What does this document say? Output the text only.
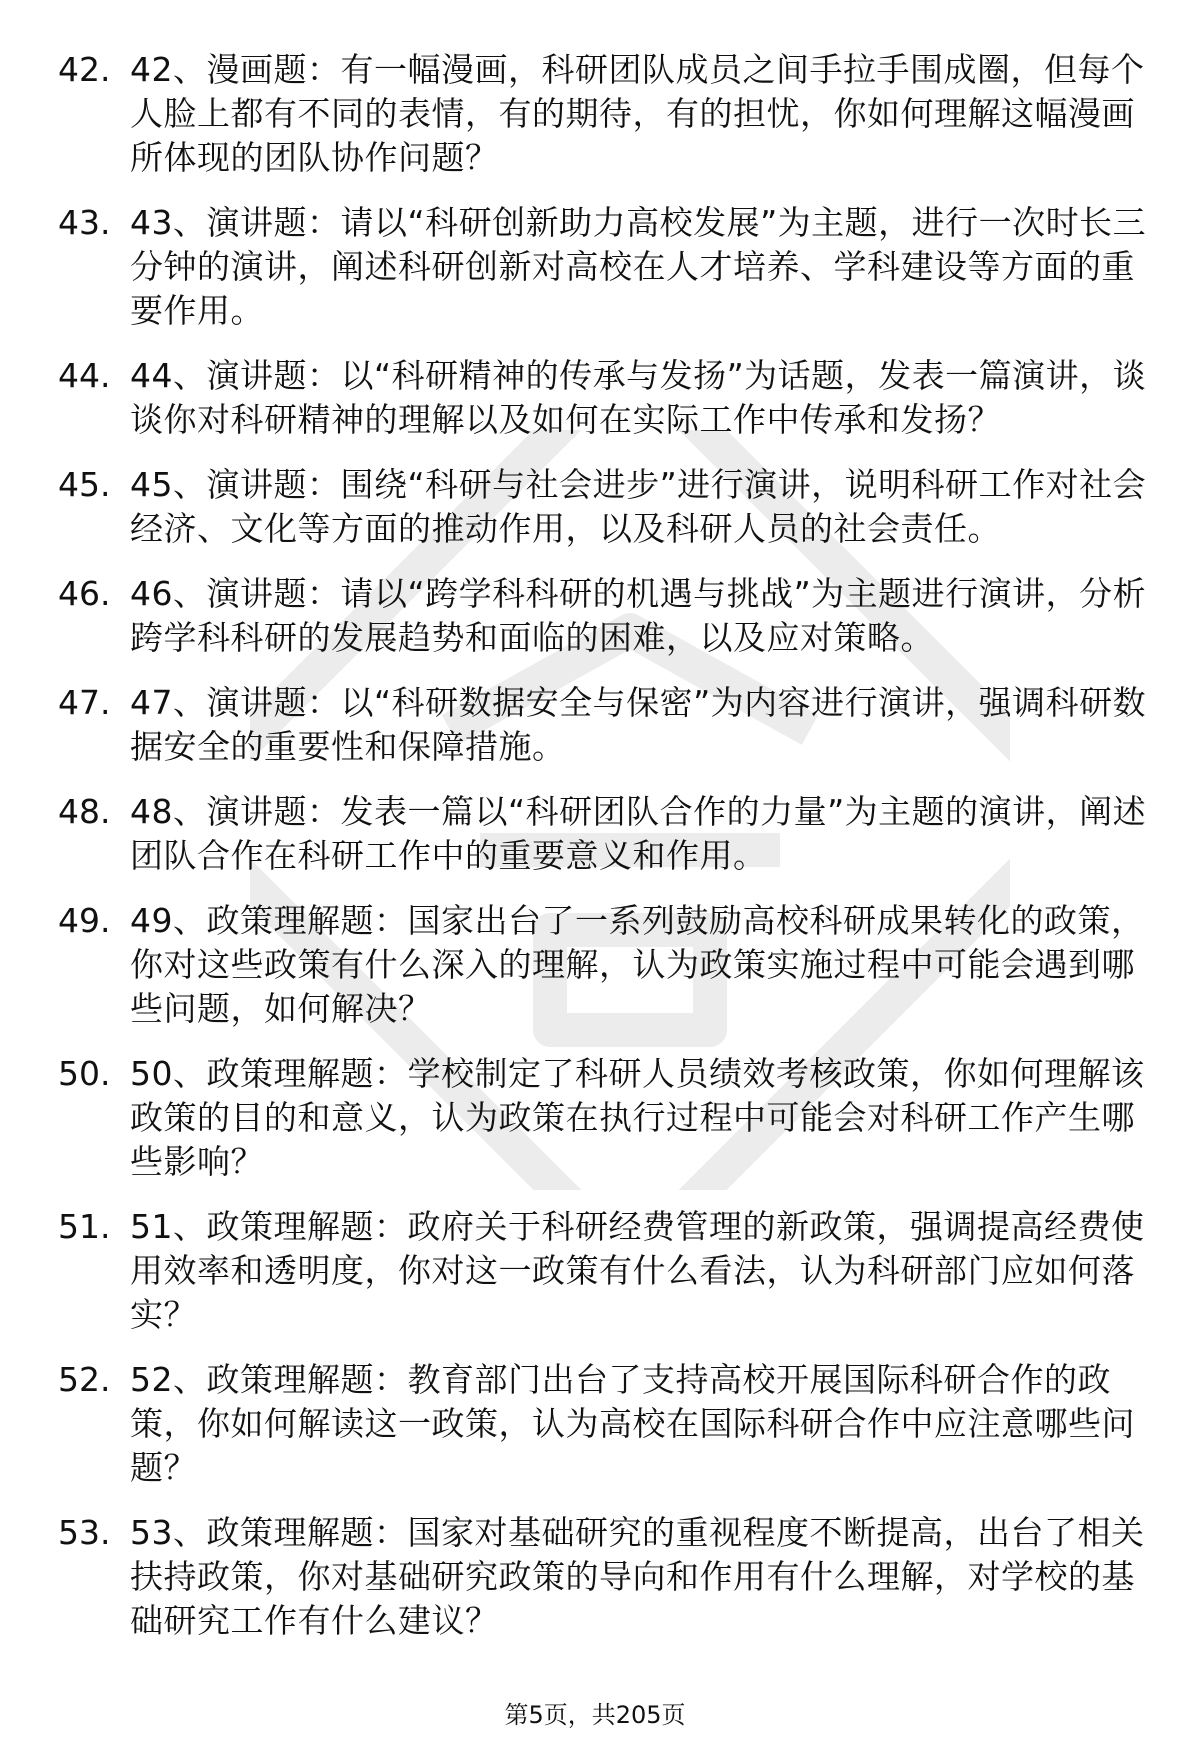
42. 42、漫画题：有一幅漫画，科研团队成员之间手拉手围成圈，但每个人脸上都有不同的表情，有的期待，有的担忧，你如何理解这幅漫画所体现的团队协作问题？
43. 43、演讲题：请以“科研创新助力高校发展”为主题，进行一次时长三分钟的演讲，阐述科研创新对高校在人才培养、学科建设等方面的重要作用。
44. 44、演讲题：以“科研精神的传承与发扬”为话题，发表一篇演讲，谈谈你对科研精神的理解以及如何在实际工作中传承和发扬？
45. 45、演讲题：围绕“科研与社会进步”进行演讲，说明科研工作对社会经济、文化等方面的推动作用，以及科研人员的社会责任。
46. 46、演讲题：请以“跨学科科研的机遇与挑战”为主题进行演讲，分析跨学科科研的发展趋势和面临的困难，以及应对策略。
47. 47、演讲题：以“科研数据安全与保密”为内容进行演讲，强调科研数据安全的重要性和保障措施。
48. 48、演讲题：发表一篇以“科研团队合作的力量”为主题的演讲，阐述团队合作在科研工作中的重要意义和作用。
49. 49、政策理解题：国家出台了一系列鼓励高校科研成果转化的政策，你对这些政策有什么深入的理解，认为政策实施过程中可能会遇到哪些问题，如何解决？
50. 50、政策理解题：学校制定了科研人员绩效考核政策，你如何理解该政策的目的和意义，认为政策在执行过程中可能会对科研工作产生哪些影响？
51. 51、政策理解题：政府关于科研经费管理的新政策，强调提高经费使用效率和透明度，你对这一政策有什么看法，认为科研部门应如何落实？
52. 52、政策理解题：教育部门出台了支持高校开展国际科研合作的政策，你如何解读这一政策，认为高校在国际科研合作中应注意哪些问题？
53. 53、政策理解题：国家对基础研究的重视程度不断提高，出台了相关扶持政策，你对基础研究政策的导向和作用有什么理解，对学校的基础研究工作有什么建议？
第5页，共205页
